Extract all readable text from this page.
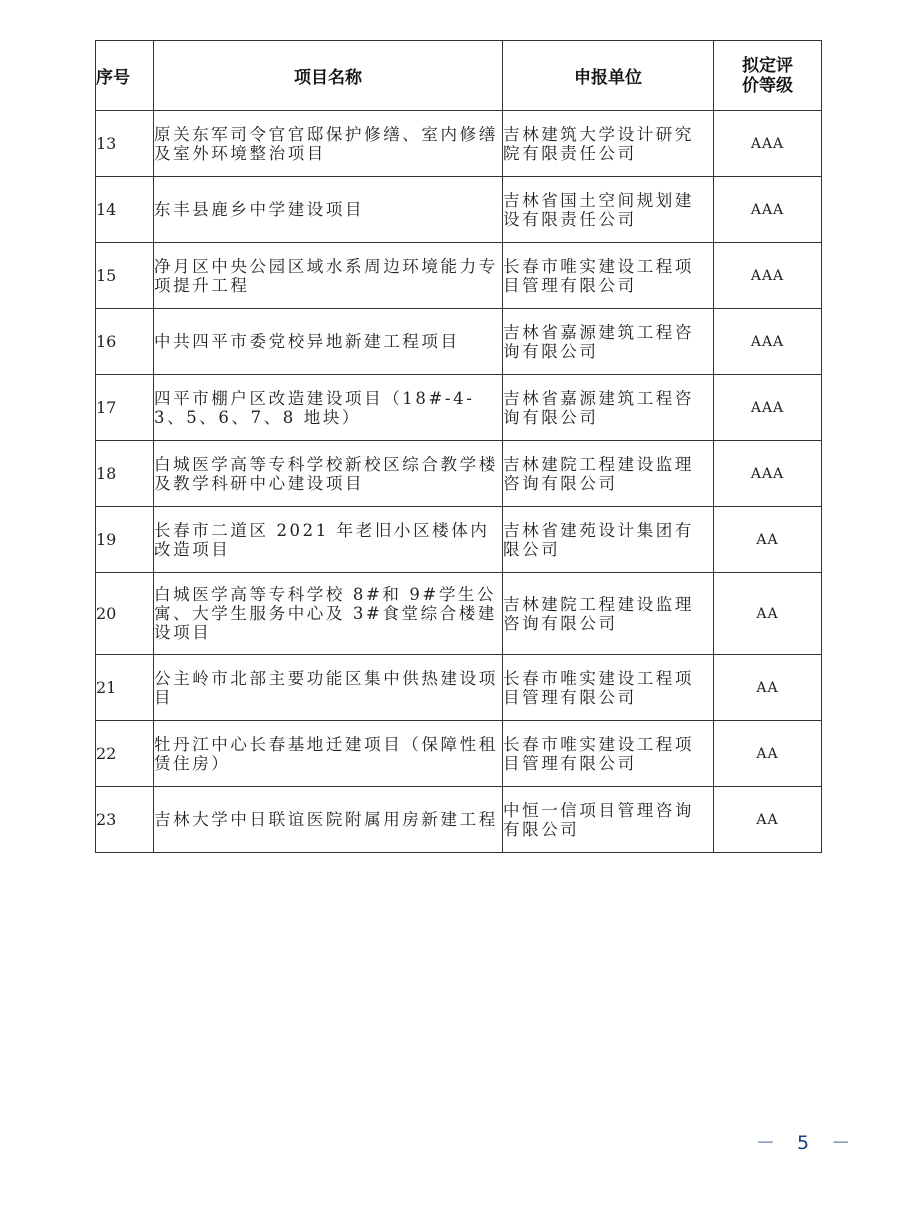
序号	项目名称	申报单位	拟定评价等级
13	原关东军司令官官邸保护修缮、室内修缮及室外环境整治项目	吉林建筑大学设计研究院有限责任公司	AAA
14	东丰县鹿乡中学建设项目	吉林省国土空间规划建设有限责任公司	AAA
15	净月区中央公园区域水系周边环境能力专项提升工程	长春市唯实建设工程项目管理有限公司	AAA
16	中共四平市委党校异地新建工程项目	吉林省嘉源建筑工程咨询有限公司	AAA
17	四平市棚户区改造建设项目（18#-4-3、5、6、7、8 地块）	吉林省嘉源建筑工程咨询有限公司	AAA
18	白城医学高等专科学校新校区综合教学楼及教学科研中心建设项目	吉林建院工程建设监理咨询有限公司	AAA
19	长春市二道区 2021 年老旧小区楼体内改造项目	吉林省建苑设计集团有限公司	AA
20	白城医学高等专科学校 8#和 9#学生公寓、大学生服务中心及 3#食堂综合楼建设项目	吉林建院工程建设监理咨询有限公司	AA
21	公主岭市北部主要功能区集中供热建设项目	长春市唯实建设工程项目管理有限公司	AA
22	牡丹江中心长春基地迁建项目（保障性租赁住房）	长春市唯实建设工程项目管理有限公司	AA
23	吉林大学中日联谊医院附属用房新建工程	中恒一信项目管理咨询有限公司	AA
－ 5 －
